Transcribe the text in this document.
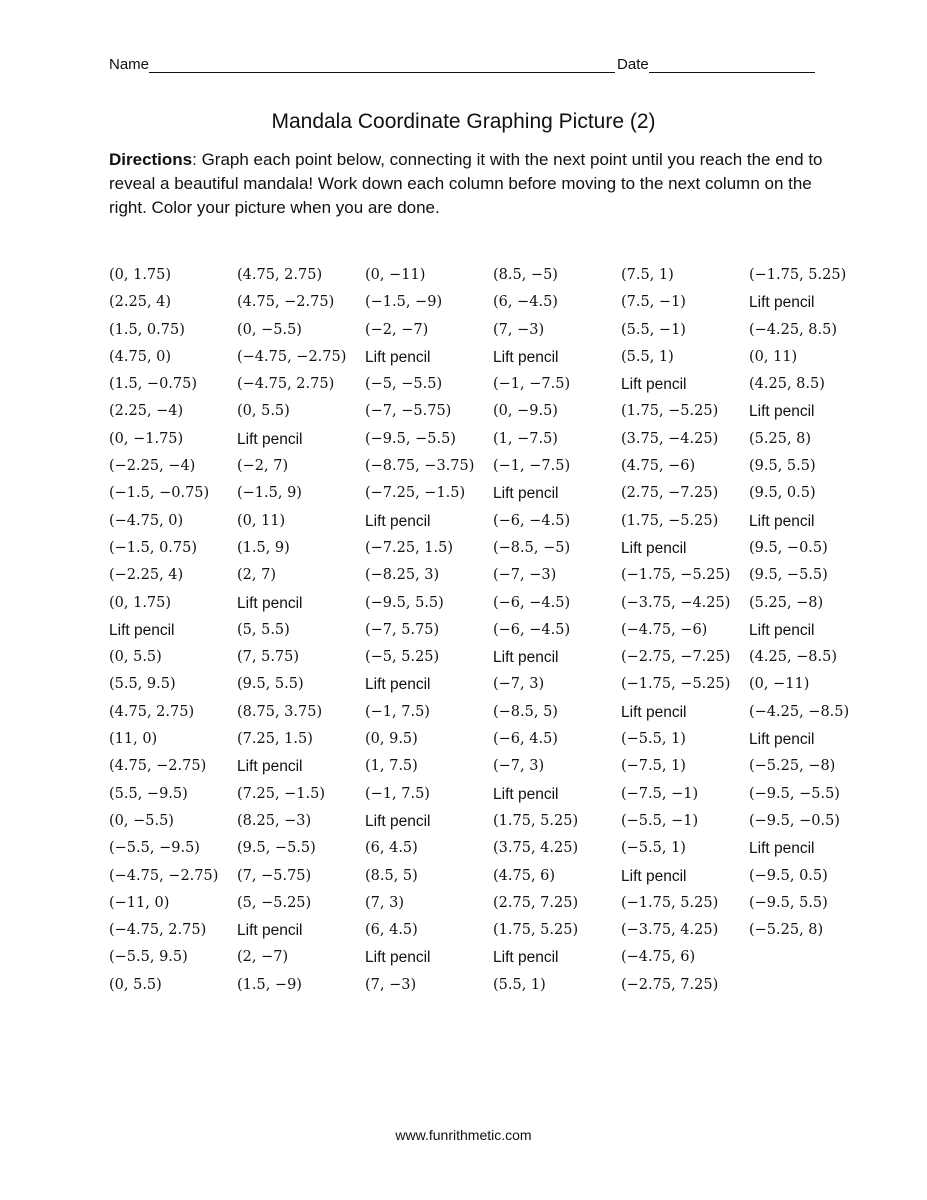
Name	Date
Mandala Coordinate Graphing Picture (2)
Directions: Graph each point below, connecting it with the next point until you reach the end to reveal a beautiful mandala! Work down each column before moving to the next column on the right. Color your picture when you are done.
(0, 1.75)
(2.25, 4)
(1.5, 0.75)
(4.75, 0)
(1.5, −0.75)
(2.25, −4)
(0, −1.75)
(−2.25, −4)
(−1.5, −0.75)
(−4.75, 0)
(−1.5, 0.75)
(−2.25, 4)
(0, 1.75)
Lift pencil
(0, 5.5)
(5.5, 9.5)
(4.75, 2.75)
(11, 0)
(4.75, −2.75)
(5.5, −9.5)
(0, −5.5)
(−5.5, −9.5)
(−4.75, −2.75)
(−11, 0)
(−4.75, 2.75)
(−5.5, 9.5)
(0, 5.5)
(4.75, 2.75)
(4.75, −2.75)
(0, −5.5)
(−4.75, −2.75)
(−4.75, 2.75)
(0, 5.5)
Lift pencil
(−2, 7)
(−1.5, 9)
(0, 11)
(1.5, 9)
(2, 7)
Lift pencil
(5, 5.5)
(7, 5.75)
(9.5, 5.5)
(8.75, 3.75)
(7.25, 1.5)
Lift pencil
(7.25, −1.5)
(8.25, −3)
(9.5, −5.5)
(7, −5.75)
(5, −5.25)
Lift pencil
(2, −7)
(1.5, −9)
(0, −11)
(−1.5, −9)
(−2, −7)
Lift pencil
(−5, −5.5)
(−7, −5.75)
(−9.5, −5.5)
(−8.75, −3.75)
(−7.25, −1.5)
Lift pencil
(−7.25, 1.5)
(−8.25, 3)
(−9.5, 5.5)
(−7, 5.75)
(−5, 5.25)
Lift pencil
(−1, 7.5)
(0, 9.5)
(1, 7.5)
(−1, 7.5)
Lift pencil
(6, 4.5)
(8.5, 5)
(7, 3)
(6, 4.5)
Lift pencil
(7, −3)
(8.5, −5)
(6, −4.5)
(7, −3)
Lift pencil
(−1, −7.5)
(0, −9.5)
(1, −7.5)
(−1, −7.5)
Lift pencil
(−6, −4.5)
(−8.5, −5)
(−7, −3)
(−6, −4.5)
(−6, −4.5)
Lift pencil
(−7, 3)
(−8.5, 5)
(−6, 4.5)
(−7, 3)
Lift pencil
(1.75, 5.25)
(3.75, 4.25)
(4.75, 6)
(2.75, 7.25)
(1.75, 5.25)
Lift pencil
(5.5, 1)
(7.5, 1)
(7.5, −1)
(5.5, −1)
(5.5, 1)
Lift pencil
(1.75, −5.25)
(3.75, −4.25)
(4.75, −6)
(2.75, −7.25)
(1.75, −5.25)
Lift pencil
(−1.75, −5.25)
(−3.75, −4.25)
(−4.75, −6)
(−2.75, −7.25)
(−1.75, −5.25)
Lift pencil
(−5.5, 1)
(−7.5, 1)
(−7.5, −1)
(−5.5, −1)
(−5.5, 1)
Lift pencil
(−1.75, 5.25)
(−3.75, 4.25)
(−4.75, 6)
(−2.75, 7.25)
(−1.75, 5.25)
Lift pencil
(−4.25, 8.5)
(0, 11)
(4.25, 8.5)
Lift pencil
(5.25, 8)
(9.5, 5.5)
(9.5, 0.5)
Lift pencil
(9.5, −0.5)
(9.5, −5.5)
(5.25, −8)
Lift pencil
(4.25, −8.5)
(0, −11)
(−4.25, −8.5)
Lift pencil
(−5.25, −8)
(−9.5, −5.5)
(−9.5, −0.5)
Lift pencil
(−9.5, 0.5)
(−9.5, 5.5)
(−5.25, 8)
www.funrithmetic.com
